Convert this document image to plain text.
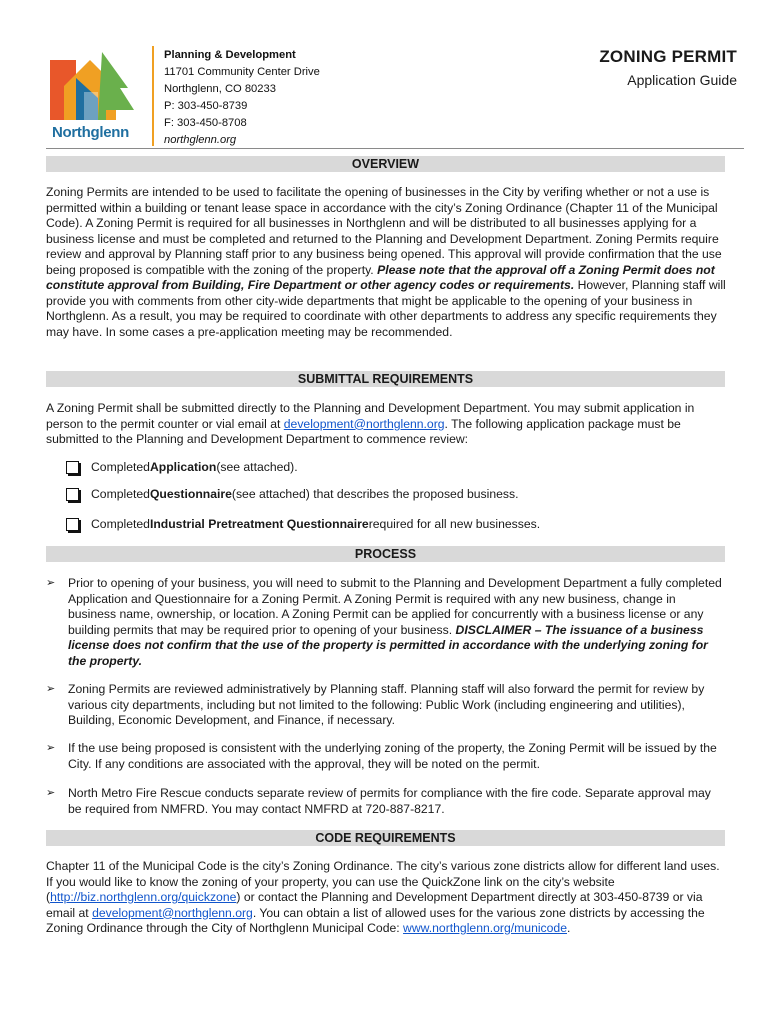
Northglenn
Planning & Development
11701 Community Center Drive
Northglenn, CO 80233
P: 303-450-8739
F: 303-450-8708
northglenn.org
ZONING PERMIT
Application Guide
OVERVIEW
Zoning Permits are intended to be used to facilitate the opening of businesses in the City by verifing whether or not a use is permitted within a building or tenant lease space in accordance with the city’s Zoning Ordinance (Chapter 11 of the Municipal Code). A Zoning Permit is required for all businesses in Northglenn and will be distributed to all businesses applying for a business license and must be completed and returned to the Planning and Development Department. Zoning Permits require review and approval by Planning staff prior to any business being opened. This approval will provide confirmation that the use being proposed is compatible with the zoning of the property. Please note that the approval off a Zoning Permit does not constitute approval from Building, Fire Department or other agency codes or requirements. However, Planning staff will provide you with comments from other city-wide departments that might be applicable to the opening of your business in Northglenn. As a result, you may be required to coordinate with other departments to address any specific requirements they may have. In some cases a pre-application meeting may be recommended.
SUBMITTAL REQUIREMENTS
A Zoning Permit shall be submitted directly to the Planning and Development Department. You may submit application in person to the permit counter or vial email at development@northglenn.org. The following application package must be submitted to the Planning and Development Department to commence review:
Completed Application (see attached).
Completed Questionnaire (see attached) that describes the proposed business.
Completed Industrial Pretreatment Questionnaire required for all new businesses.
PROCESS
➢ Prior to opening of your business, you will need to submit to the Planning and Development Department a fully completed Application and Questionnaire for a Zoning Permit. A Zoning Permit is required with any new business, change in business name, ownership, or location. A Zoning Permit can be applied for concurrently with a business license or any building permits that may be required prior to opening of your business. DISCLAIMER – The issuance of a business license does not confirm that the use of the property is permitted in accordance with the underlying zoning for the property.
➢ Zoning Permits are reviewed administratively by Planning staff. Planning staff will also forward the permit for review by various city departments, including but not limited to the following: Public Work (including engineering and utilities), Building, Economic Development, and Finance, if necessary.
➢ If the use being proposed is consistent with the underlying zoning of the property, the Zoning Permit will be issued by the City. If any conditions are associated with the approval, they will be noted on the permit.
➢ North Metro Fire Rescue conducts separate review of permits for compliance with the fire code. Separate approval may be required from NMFRD. You may contact NMFRD at 720-887-8217.
CODE REQUIREMENTS
Chapter 11 of the Municipal Code is the city’s Zoning Ordinance. The city’s various zone districts allow for different land uses. If you would like to know the zoning of your property, you can use the QuickZone link on the city’s website (http://biz.northglenn.org/quickzone) or contact the Planning and Development Department directly at 303-450-8739 or via email at development@northglenn.org. You can obtain a list of allowed uses for the various zone districts by accessing the Zoning Ordinance through the City of Northglenn Municipal Code: www.northglenn.org/municode.
